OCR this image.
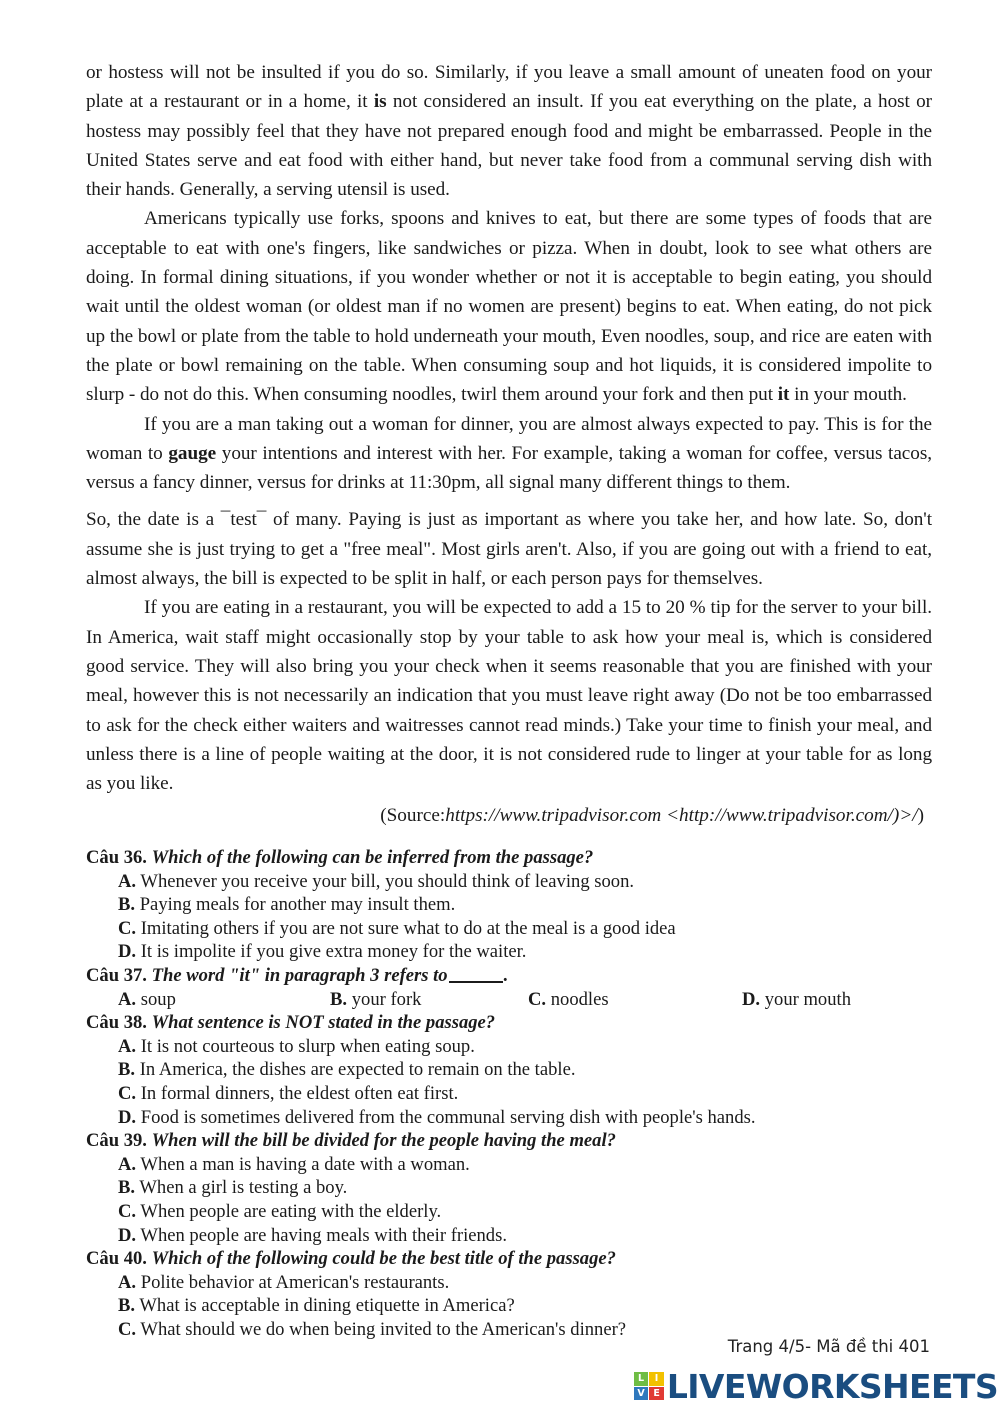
or hostess will not be insulted if you do so. Similarly, if you leave a small amount of uneaten food on your plate at a restaurant or in a home, it is not considered an insult. If you eat everything on the plate, a host or hostess may possibly feel that they have not prepared enough food and might be embarrassed. People in the United States serve and eat food with either hand, but never take food from a communal serving dish with their hands. Generally, a serving utensil is used.

Americans typically use forks, spoons and knives to eat, but there are some types of foods that are acceptable to eat with one's fingers, like sandwiches or pizza. When in doubt, look to see what others are doing. In formal dining situations, if you wonder whether or not it is acceptable to begin eating, you should wait until the oldest woman (or oldest man if no women are present) begins to eat. When eating, do not pick up the bowl or plate from the table to hold underneath your mouth, Even noodles, soup, and rice are eaten with the plate or bowl remaining on the table. When consuming soup and hot liquids, it is considered impolite to slurp - do not do this. When consuming noodles, twirl them around your fork and then put it in your mouth.

If you are a man taking out a woman for dinner, you are almost always expected to pay. This is for the woman to gauge your intentions and interest with her. For example, taking a woman for coffee, versus tacos, versus a fancy dinner, versus for drinks at 11:30pm, all signal many different things to them.

So, the date is a ¯test¯ of many. Paying is just as important as where you take her, and how late. So, don't assume she is just trying to get a "free meal". Most girls aren't. Also, if you are going out with a friend to eat, almost always, the bill is expected to be split in half, or each person pays for themselves.

If you are eating in a restaurant, you will be expected to add a 15 to 20 % tip for the server to your bill. In America, wait staff might occasionally stop by your table to ask how your meal is, which is considered good service. They will also bring you your check when it seems reasonable that you are finished with your meal, however this is not necessarily an indication that you must leave right away (Do not be too embarrassed to ask for the check either waiters and waitresses cannot read minds.) Take your time to finish your meal, and unless there is a line of people waiting at the door, it is not considered rude to linger at your table for as long as you like.

(Source:https://www.tripadvisor.com <http://www.tripadvisor.com/)>/)
Câu 36. Which of the following can be inferred from the passage?
A. Whenever you receive your bill, you should think of leaving soon.
B. Paying meals for another may insult them.
C. Imitating others if you are not sure what to do at the meal is a good idea
D. It is impolite if you give extra money for the waiter.
Câu 37. The word "it" in paragraph 3 refers to	.
A. soup	B. your fork	C. noodles	D. your mouth
Câu 38. What sentence is NOT stated in the passage?
A. It is not courteous to slurp when eating soup.
B. In America, the dishes are expected to remain on the table.
C. In formal dinners, the eldest often eat first.
D. Food is sometimes delivered from the communal serving dish with people's hands.
Câu 39. When will the bill be divided for the people having the meal?
A. When a man is having a date with a woman.
B. When a girl is testing a boy.
C. When people are eating with the elderly.
D. When people are having meals with their friends.
Câu 40. Which of the following could be the best title of the passage?
A. Polite behavior at American's restaurants.
B. What is acceptable in dining etiquette in America?
C. What should we do when being invited to the American's dinner?
Trang 4/5- Mã đề thi 401
L	I
V E LIVEWORKSHEETS
